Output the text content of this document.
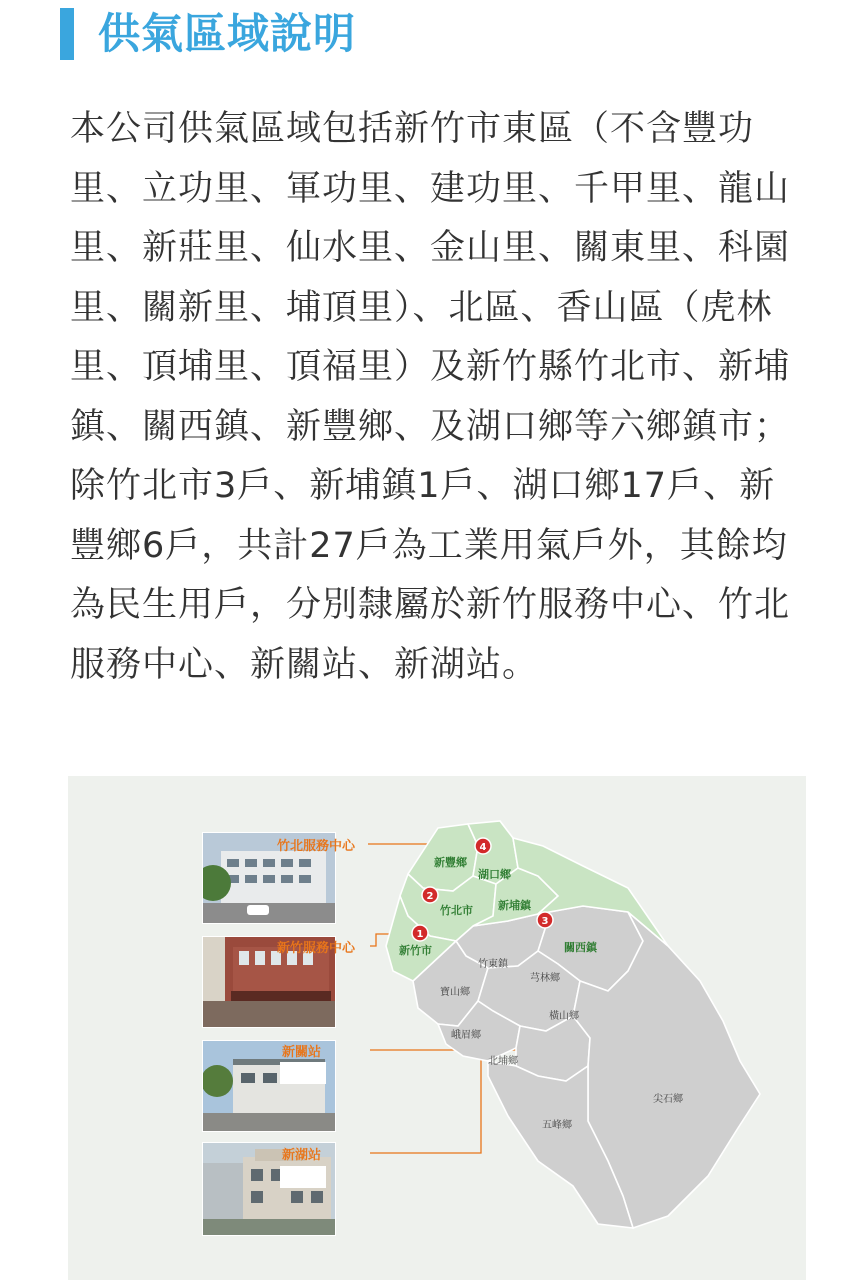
供氣區域說明
本公司供氣區域包括新竹市東區（不含豐功里、立功里、軍功里、建功里、千甲里、龍山里、新莊里、仙水里、金山里、關東里、科園里、關新里、埔頂里）、北區、香山區（虎林里、頂埔里、頂福里）及新竹縣竹北市、新埔鎮、關西鎮、新豐鄉、及湖口鄉等六鄉鎮市；除竹北市3戶、新埔鎮1戶、湖口鄉17戶、新豐鄉6戶，共計27戶為工業用氣戶外，其餘均為民生用戶，分別隸屬於新竹服務中心、竹北服務中心、新關站、新湖站。
新豐鄉
湖口鄉
竹北市 新埔鎮
關西鎮
新竹市
竹東鎮
芎林鄉
寶山鄉
橫山鄉
峨眉鄉
北埔鄉
尖石鄉
五峰鄉
1
2
3
4
竹北服務中心
新竹服務中心
新關站
新湖站
